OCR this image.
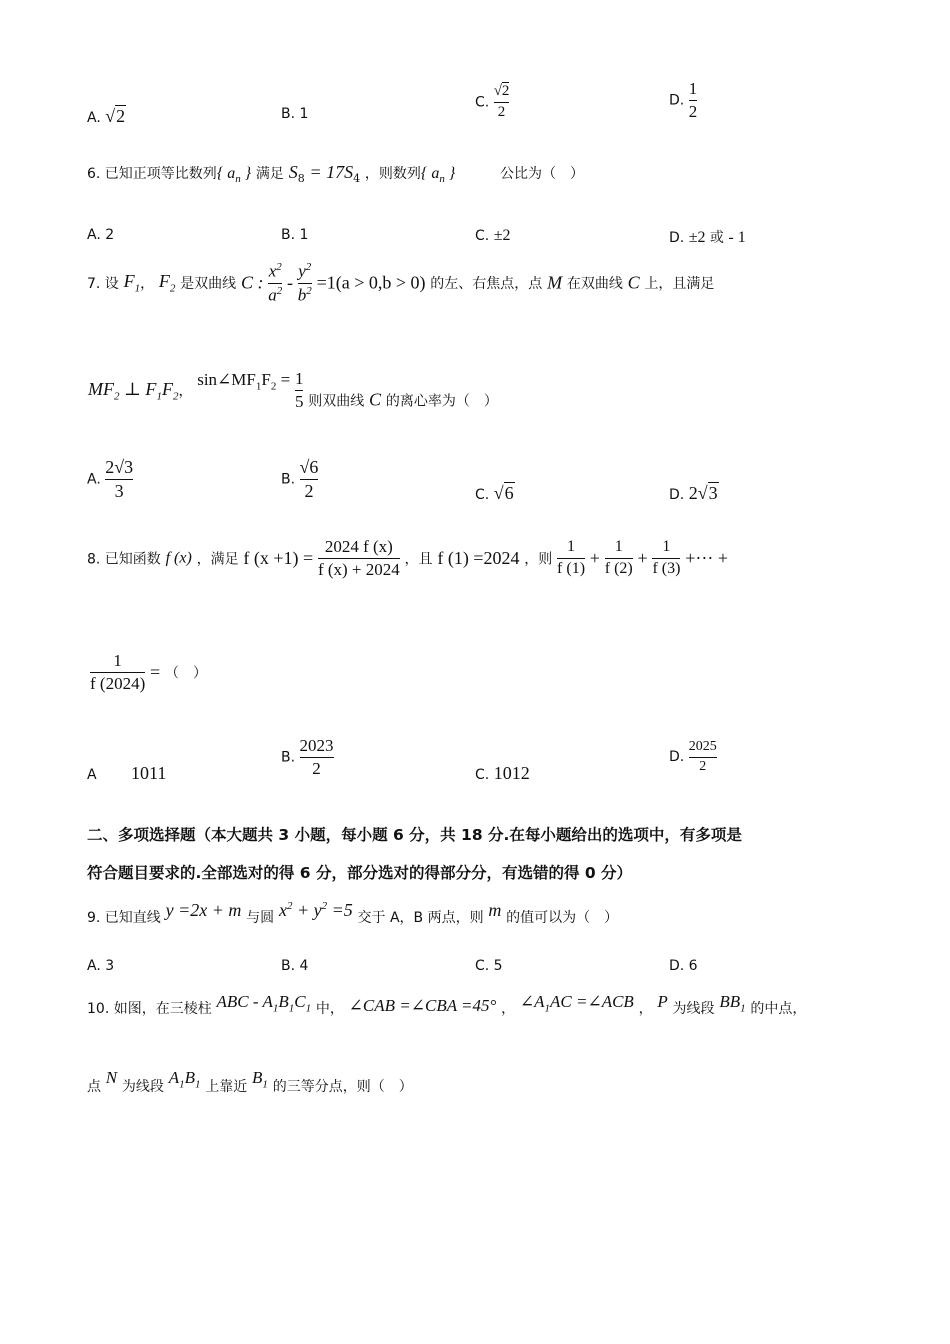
A. √2	B. 1
C. $\frac{√2}{2}$	D. $\frac{1}{2}$
6. 已知正项等比数列{ $a_n$ } 满足 $S_8 = 17S_4$ ，则数列{ $a_n$ }	公比为（　）
A. 2	B. 1	C. ±2	D. ±2 或 - 1
7. 设 $F_1$， $F_2$ 是双曲线 C : $\frac{x^2}{a^2} - \frac{y^2}{b^2} =1(a > 0,b > 0)$ 的左、右焦点，点 M 在双曲线 C 上，且满足
$MF_2$ ⊥ $F_1F_2$， $\sin\angle MF_1F_2 = \frac{1}{5}$ 则双曲线 C 的离心率为（　）
A. $\frac{2√3}{3}$	B. $\frac{√6}{2}$	C. √6	D. 2√3
8. 已知函数 f (x) ，满足 f $(x +1) = \frac{2024 f (x)}{f (x) + 2024}$ ，且 f (1) =2024 ，则 $\frac{1}{f (1)} + \frac{1}{f (2)} + \frac{1}{f (3)}$ +··· +
$\frac{1}{f (2024)}$ = （　）
A 1011
B. $\frac{2023}{2}$	C. 1012
D. $\frac{2025}{2}$
二、多项选择题（本大题共 3 小题，每小题 6 分，共 18 分.在每小题给出的选项中，有多项是
符合题目要求的.全部选对的得 6 分，部分选对的得部分分，有选错的得 0 分）
9. 已知直线 y =2x + m 与圆 $x^2 + y^2 =5$ 交于 A，B 两点，则 m 的值可以为（　）
A. 3	B. 4	C. 5	D. 6
10. 如图，在三棱柱 ABC - $A_1B_1C_1$ 中， ∠CAB =∠CBA =45° ， $\angle A_1AC$ =∠ACB ， P 为线段 $BB_1$ 的中点，
点 N 为线段 $A_1B_1$ 上靠近 $B_1$ 的三等分点，则（　）
